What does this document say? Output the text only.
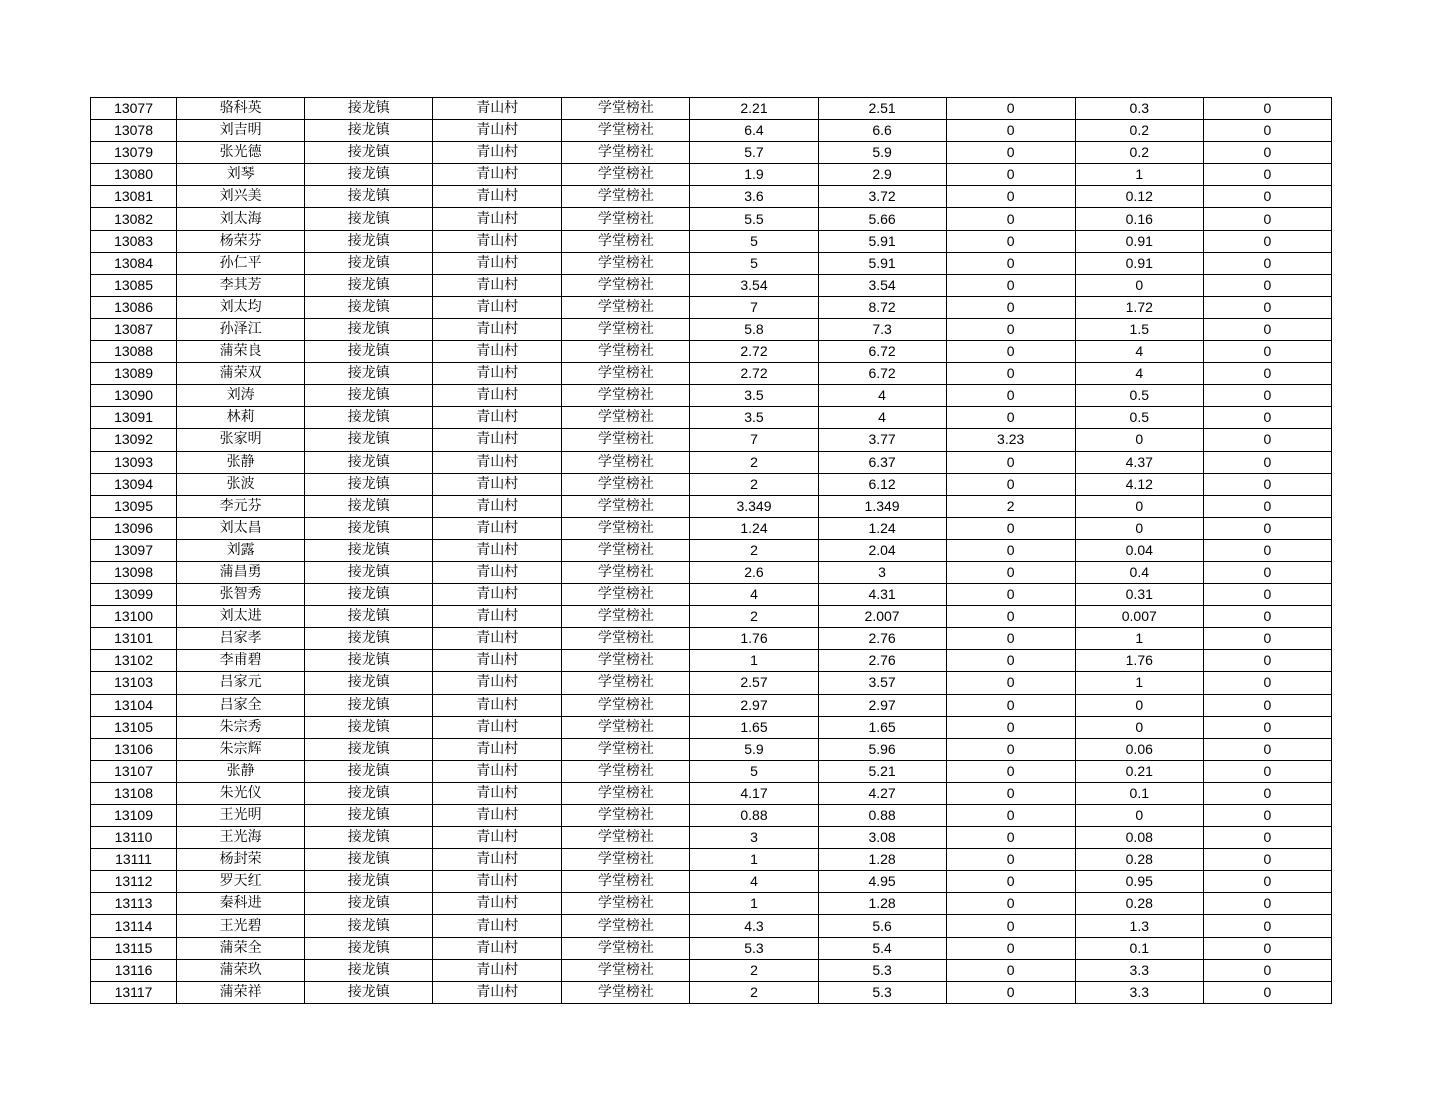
13077	骆科英	接龙镇	青山村	学堂榜社	2.21	2.51	0	0.3	0
13078	刘吉明	接龙镇	青山村	学堂榜社	6.4	6.6	0	0.2	0
13079	张光德	接龙镇	青山村	学堂榜社	5.7	5.9	0	0.2	0
13080	刘琴	接龙镇	青山村	学堂榜社	1.9	2.9	0	1	0
13081	刘兴美	接龙镇	青山村	学堂榜社	3.6	3.72	0	0.12	0
13082	刘太海	接龙镇	青山村	学堂榜社	5.5	5.66	0	0.16	0
13083	杨荣芬	接龙镇	青山村	学堂榜社	5	5.91	0	0.91	0
13084	孙仁平	接龙镇	青山村	学堂榜社	5	5.91	0	0.91	0
13085	李其芳	接龙镇	青山村	学堂榜社	3.54	3.54	0	0	0
13086	刘太均	接龙镇	青山村	学堂榜社	7	8.72	0	1.72	0
13087	孙泽江	接龙镇	青山村	学堂榜社	5.8	7.3	0	1.5	0
13088	蒲荣良	接龙镇	青山村	学堂榜社	2.72	6.72	0	4	0
13089	蒲荣双	接龙镇	青山村	学堂榜社	2.72	6.72	0	4	0
13090	刘涛	接龙镇	青山村	学堂榜社	3.5	4	0	0.5	0
13091	林莉	接龙镇	青山村	学堂榜社	3.5	4	0	0.5	0
13092	张家明	接龙镇	青山村	学堂榜社	7	3.77	3.23	0	0
13093	张静	接龙镇	青山村	学堂榜社	2	6.37	0	4.37	0
13094	张波	接龙镇	青山村	学堂榜社	2	6.12	0	4.12	0
13095	李元芬	接龙镇	青山村	学堂榜社	3.349	1.349	2	0	0
13096	刘太昌	接龙镇	青山村	学堂榜社	1.24	1.24	0	0	0
13097	刘露	接龙镇	青山村	学堂榜社	2	2.04	0	0.04	0
13098	蒲昌勇	接龙镇	青山村	学堂榜社	2.6	3	0	0.4	0
13099	张智秀	接龙镇	青山村	学堂榜社	4	4.31	0	0.31	0
13100	刘太进	接龙镇	青山村	学堂榜社	2	2.007	0	0.007	0
13101	吕家孝	接龙镇	青山村	学堂榜社	1.76	2.76	0	1	0
13102	李甫碧	接龙镇	青山村	学堂榜社	1	2.76	0	1.76	0
13103	吕家元	接龙镇	青山村	学堂榜社	2.57	3.57	0	1	0
13104	吕家全	接龙镇	青山村	学堂榜社	2.97	2.97	0	0	0
13105	朱宗秀	接龙镇	青山村	学堂榜社	1.65	1.65	0	0	0
13106	朱宗辉	接龙镇	青山村	学堂榜社	5.9	5.96	0	0.06	0
13107	张静	接龙镇	青山村	学堂榜社	5	5.21	0	0.21	0
13108	朱光仪	接龙镇	青山村	学堂榜社	4.17	4.27	0	0.1	0
13109	王光明	接龙镇	青山村	学堂榜社	0.88	0.88	0	0	0
13110	王光海	接龙镇	青山村	学堂榜社	3	3.08	0	0.08	0
13111	杨封荣	接龙镇	青山村	学堂榜社	1	1.28	0	0.28	0
13112	罗天红	接龙镇	青山村	学堂榜社	4	4.95	0	0.95	0
13113	秦科进	接龙镇	青山村	学堂榜社	1	1.28	0	0.28	0
13114	王光碧	接龙镇	青山村	学堂榜社	4.3	5.6	0	1.3	0
13115	蒲荣全	接龙镇	青山村	学堂榜社	5.3	5.4	0	0.1	0
13116	蒲荣玖	接龙镇	青山村	学堂榜社	2	5.3	0	3.3	0
13117	蒲荣祥	接龙镇	青山村	学堂榜社	2	5.3	0	3.3	0
